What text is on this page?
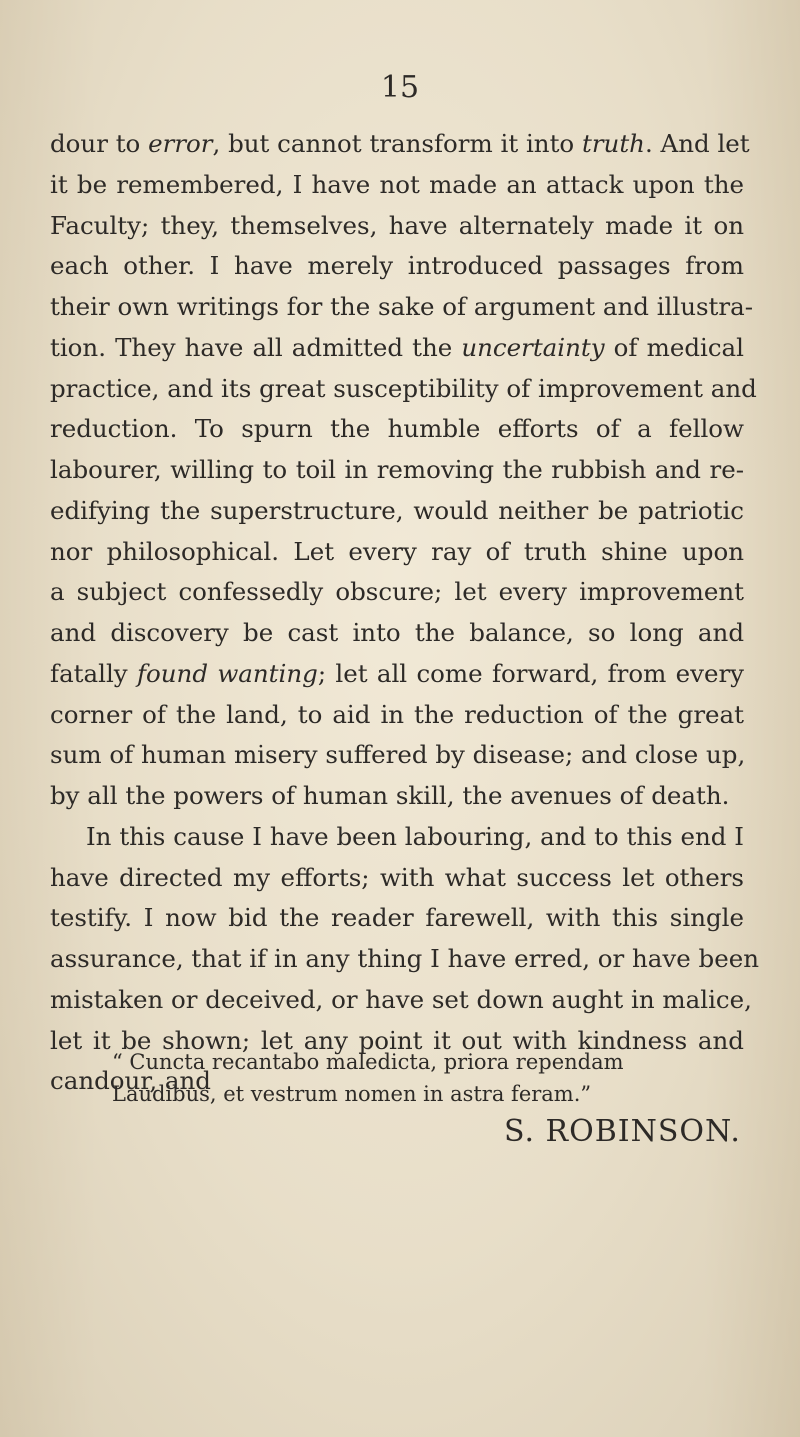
15
dour to error, but cannot transform it into truth. And let
it be remembered, I have not made an attack upon the
Faculty; they, themselves, have alternately made it on
each other. I have merely introduced passages from
their own writings for the sake of argument and illustra-
tion. They have all admitted the uncertainty of medical
practice, and its great susceptibility of improvement and
reduction. To spurn the humble efforts of a fellow
labourer, willing to toil in removing the rubbish and re-
edifying the superstructure, would neither be patriotic
nor philosophical. Let every ray of truth shine upon
a subject confessedly obscure; let every improvement
and discovery be cast into the balance, so long and
fatally found wanting; let all come forward, from every
corner of the land, to aid in the reduction of the great
sum of human misery suffered by disease; and close up,
by all the powers of human skill, the avenues of death.
In this cause I have been labouring, and to this end I
have directed my efforts; with what success let others
testify. I now bid the reader farewell, with this single
assurance, that if in any thing I have erred, or have been
mistaken or deceived, or have set down aught in malice,
let it be shown; let any point it out with kindness and
candour, and
“ Cuncta recantabo maledicta, priora rependam
Laudibus, et vestrum nomen in astra feram.”
S. ROBINSON.
